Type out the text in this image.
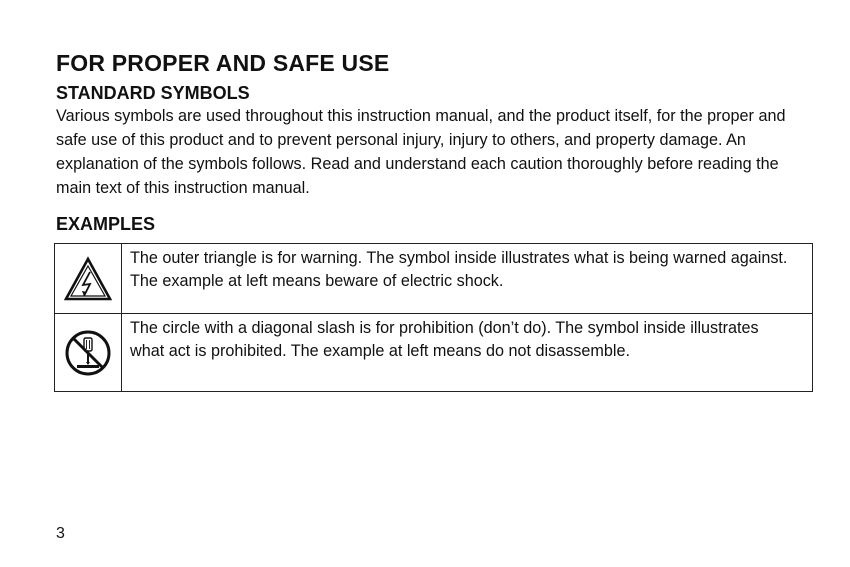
FOR PROPER AND SAFE USE
STANDARD SYMBOLS

Various symbols are used throughout this instruction manual, and the product itself, for the proper and safe use of this product and to prevent personal injury, injury to others, and property damage. An explanation of the symbols follows. Read and understand each caution thoroughly before reading the main text of this instruction manual.

EXAMPLES

The outer triangle is for warning. The symbol inside illustrates what is being warned against.
The example at left means beware of electric shock.

The circle with a diagonal slash is for prohibition (don’t do). The symbol inside illustrates
what act is prohibited. The example at left means do not disassemble.
3
